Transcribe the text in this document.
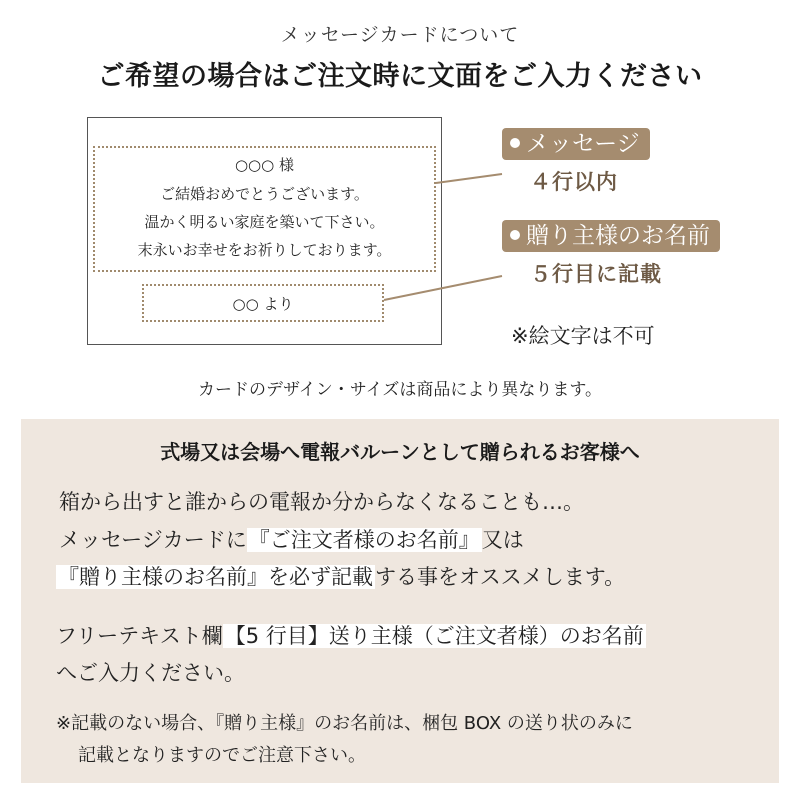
メッセージカードについて
ご希望の場合はご注文時に文面をご入力ください
○○○ 様
ご結婚おめでとうございます。
温かく明るい家庭を築いて下さい。
末永いお幸せをお祈りしております。
○○ より
メッセージ
４行以内
贈り主様のお名前
５行目に記載
※絵文字は不可
カードのデザイン・サイズは商品により異なります。
式場又は会場へ電報バルーンとして贈られるお客様へ
箱から出すと誰からの電報か分からなくなることも…。
メッセージカードに『ご注文者様のお名前』又は
『贈り主様のお名前』を必ず記載する事をオススメします。
フリーテキスト欄【5 行目】送り主様（ご注文者様）のお名前
へご入力ください。
※記載のない場合、『贈り主様』のお名前は、梱包 BOX の送り状のみに
記載となりますのでご注意下さい。
